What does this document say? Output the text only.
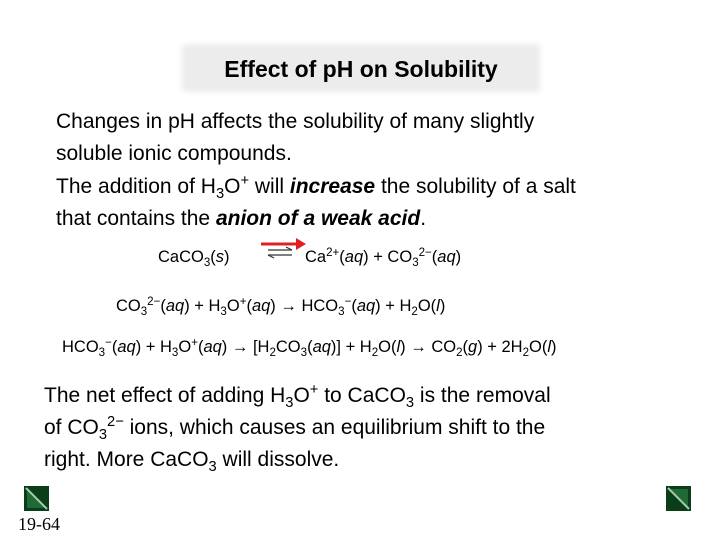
Effect of pH on Solubility
Changes in pH affects the solubility of many slightly
soluble ionic compounds.
The addition of $H_3O^+$ will increase the solubility of a salt
that contains the anion of a weak acid.
CaCO$_3$(s)	$Ca^{2+}(aq) + CO_3^{2-}(aq)$
$CO_3^{2-}(aq) + H_3O^+(aq) \to HCO_3^-(aq) + H_2O(l)$
$HCO_3^-(aq) + H_3O^+(aq) \to [H_2CO_3(aq)] + H_2O(l) \to CO_2(g) + 2H_2O(l)$
The net effect of adding $H_3O^+$ to CaCO$_3$ is the removal
of $CO_3^{2-}$ ions, which causes an equilibrium shift to the
right. More CaCO$_3$ will dissolve.
19-64
